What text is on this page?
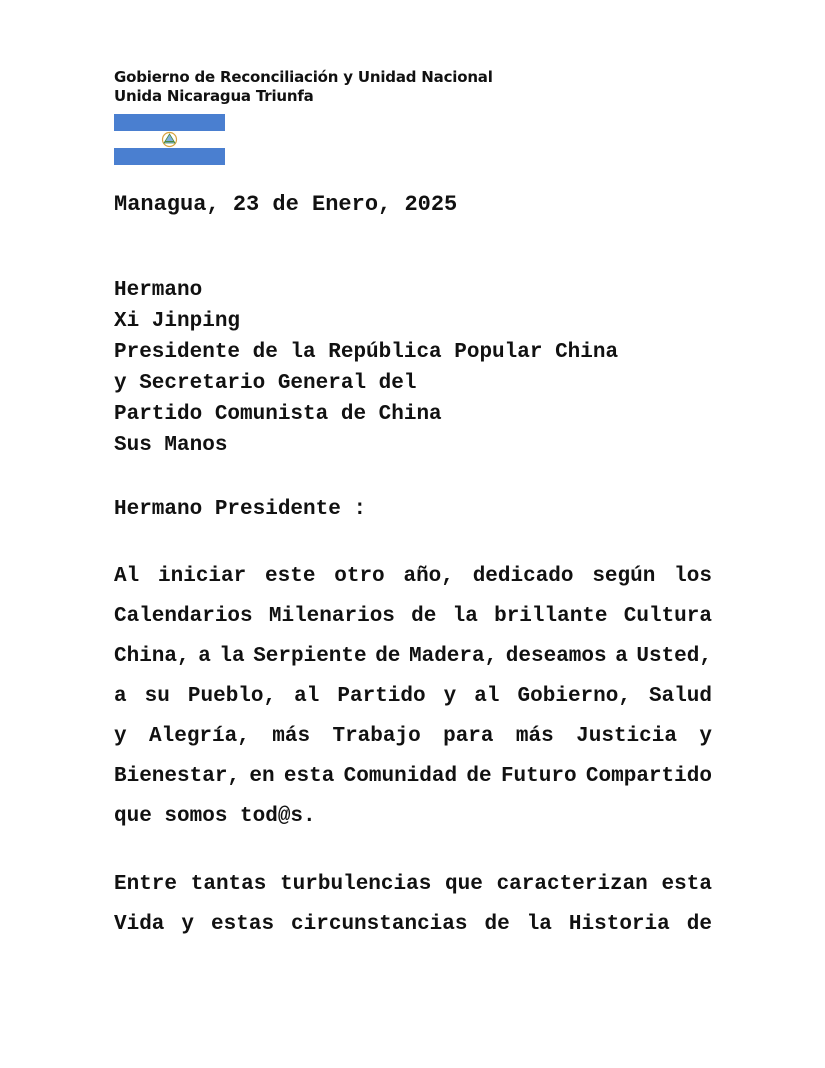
Gobierno de Reconciliación y Unidad Nacional
Unida Nicaragua Triunfa
Managua, 23 de Enero, 2025
Hermano
Xi Jinping
Presidente de la República Popular China
y Secretario General del
Partido Comunista de China
Sus Manos
Hermano Presidente :
Al iniciar este otro año, dedicado según los
Calendarios Milenarios de la brillante Cultura
China, a la Serpiente de Madera, deseamos a Usted,
a su Pueblo, al Partido y al Gobierno, Salud
y Alegría, más Trabajo para más Justicia y
Bienestar, en esta Comunidad de Futuro Compartido
que somos tod@s.
Entre tantas turbulencias que caracterizan esta
Vida y estas circunstancias de la Historia de
